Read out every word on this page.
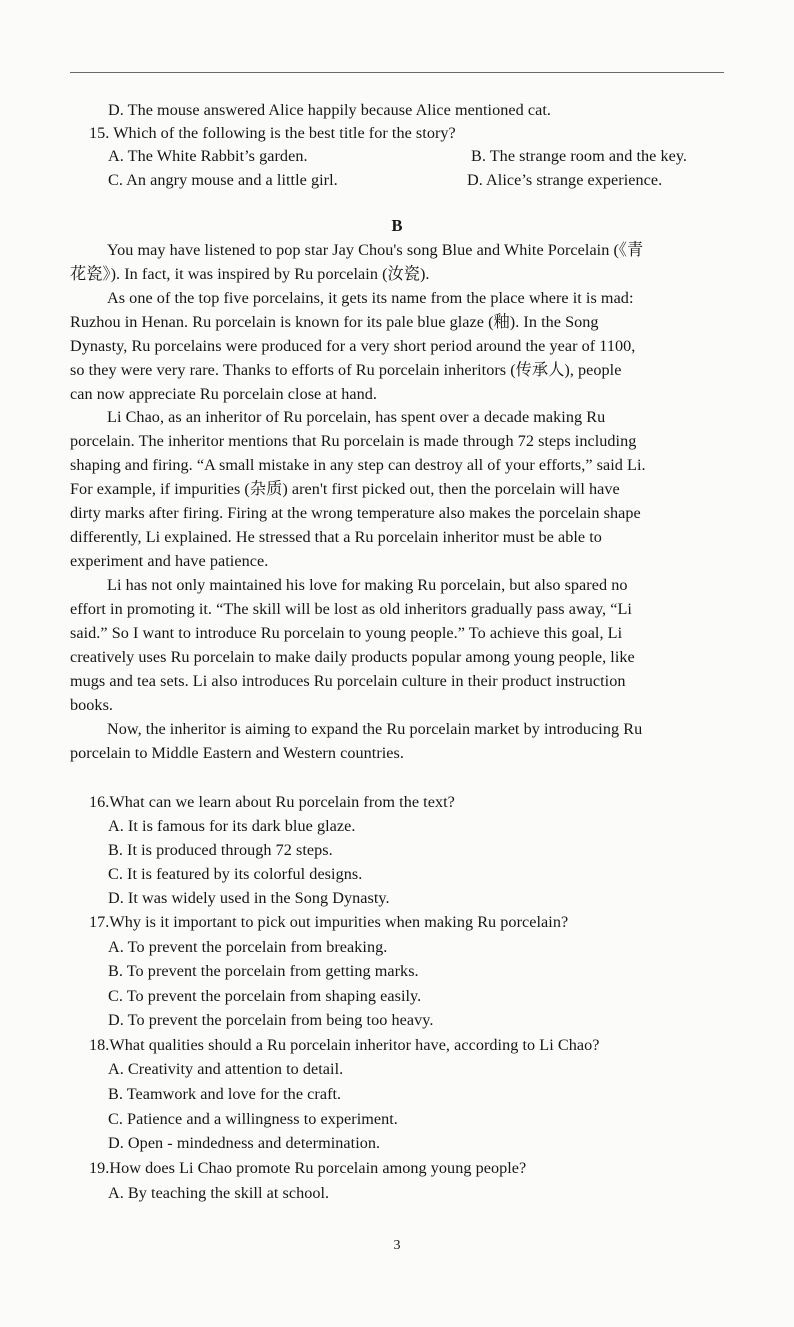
D. The mouse answered Alice happily because Alice mentioned cat.
15. Which of the following is the best title for the story?
A. The White Rabbit’s garden.	B. The strange room and the key.
C. An angry mouse and a little girl.	D. Alice’s strange experience.
B
You may have listened to pop star Jay Chou's song Blue and White Porcelain (《青
花瓷》). In fact, it was inspired by Ru porcelain (汝瓷).
As one of the top five porcelains, it gets its name from the place where it is mad:
Ruzhou in Henan. Ru porcelain is known for its pale blue glaze (釉). In the Song
Dynasty, Ru porcelains were produced for a very short period around the year of 1100,
so they were very rare. Thanks to efforts of Ru porcelain inheritors (传承人), people
can now appreciate Ru porcelain close at hand.
Li Chao, as an inheritor of Ru porcelain, has spent over a decade making Ru
porcelain. The inheritor mentions that Ru porcelain is made through 72 steps including
shaping and firing. “A small mistake in any step can destroy all of your efforts,” said Li.
For example, if impurities (杂质) aren't first picked out, then the porcelain will have
dirty marks after firing. Firing at the wrong temperature also makes the porcelain shape
differently, Li explained. He stressed that a Ru porcelain inheritor must be able to
experiment and have patience.
Li has not only maintained his love for making Ru porcelain, but also spared no
effort in promoting it. “The skill will be lost as old inheritors gradually pass away, “Li
said.” So I want to introduce Ru porcelain to young people.” To achieve this goal, Li
creatively uses Ru porcelain to make daily products popular among young people, like
mugs and tea sets. Li also introduces Ru porcelain culture in their product instruction
books.
Now, the inheritor is aiming to expand the Ru porcelain market by introducing Ru
porcelain to Middle Eastern and Western countries.
16.What can we learn about Ru porcelain from the text?
A. It is famous for its dark blue glaze.
B. It is produced through 72 steps.
C. It is featured by its colorful designs.
D. It was widely used in the Song Dynasty.
17.Why is it important to pick out impurities when making Ru porcelain?
A. To prevent the porcelain from breaking.
B. To prevent the porcelain from getting marks.
C. To prevent the porcelain from shaping easily.
D. To prevent the porcelain from being too heavy.
18.What qualities should a Ru porcelain inheritor have, according to Li Chao?
A. Creativity and attention to detail.
B. Teamwork and love for the craft.
C. Patience and a willingness to experiment.
D. Open - mindedness and determination.
19.How does Li Chao promote Ru porcelain among young people?
A. By teaching the skill at school.
3
